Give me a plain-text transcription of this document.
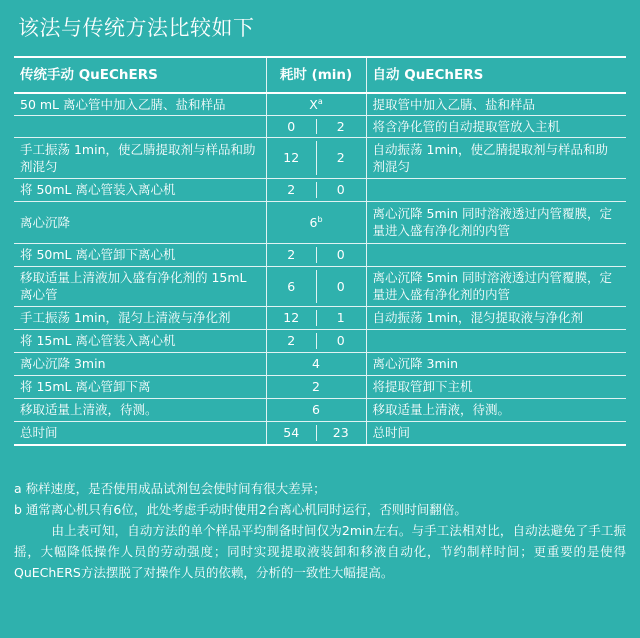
该法与传统方法比较如下
传统手动 QuEChERS	耗时 (min)		自动 QuEChERS
50 mL 离心管中加入乙腈、盐和样品	$X^a$		提取管中加入乙腈、盐和样品
	0	2	将含净化管的自动提取管放入主机
手工振荡 1min，使乙腈提取剂与样品和助剂混匀	12	2	自动振荡 1min，使乙腈提取剂与样品和助剂混匀
将 50mL 离心管装入离心机	2	0	
离心沉降	6$^b$		离心沉降 5min 同时溶液透过内管覆膜，定量进入盛有净化剂的内管
将 50mL 离心管卸下离心机	2	0	
移取适量上清液加入盛有净化剂的 15mL 离心管	6	0	离心沉降 5min 同时溶液透过内管覆膜，定量进入盛有净化剂的内管
手工振荡 1min，混匀上清液与净化剂	12	1	自动振荡 1min，混匀提取液与净化剂
将 15mL 离心管装入离心机	2	0	
离心沉降 3min	4		离心沉降 3min
将 15mL 离心管卸下离	2		将提取管卸下主机
移取适量上清液，待测。	6		移取适量上清液，待测。
总时间	54	23	总时间
a 称样速度，是否使用成品试剂包会使时间有很大差异；
b 通常离心机只有6位，此处考虑手动时使用2台离心机同时运行，否则时间翻倍。
由上表可知，自动方法的单个样品平均制备时间仅为2min左右。与手工法相对比，自动法避免了手工振摇，大幅降低操作人员的劳动强度；同时实现提取液装卸和移液自动化，节约制样时间；更重要的是使得QuEChERS方法摆脱了对操作人员的依赖，分析的一致性大幅提高。
